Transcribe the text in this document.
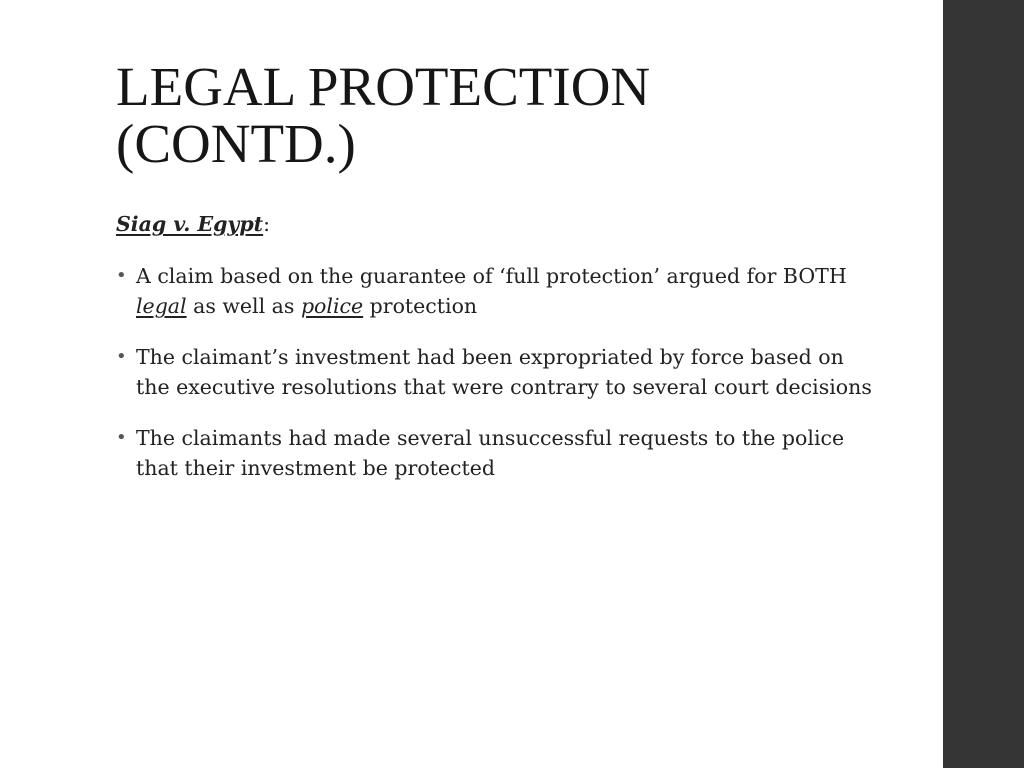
LEGAL PROTECTION
(CONTD.)

Siag v. Egypt:

• A claim based on the guarantee of ‘full protection’ argued for BOTH legal as well as police protection
• The claimant’s investment had been expropriated by force based on the executive resolutions that were contrary to several court decisions
• The claimants had made several unsuccessful requests to the police that their investment be protected
